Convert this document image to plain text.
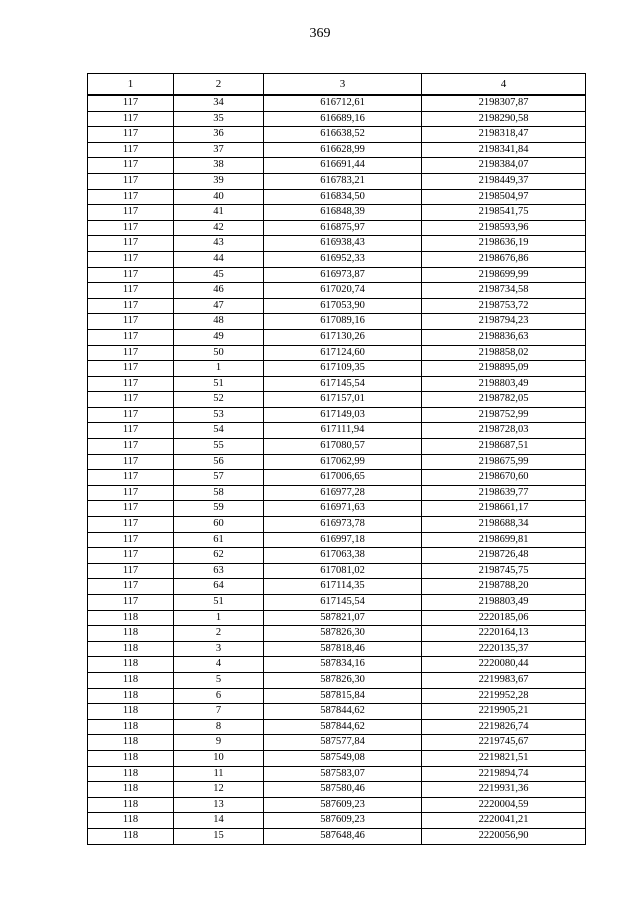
369
1	2	3	4
117	34	616712,61	2198307,87
117	35	616689,16	2198290,58
117	36	616638,52	2198318,47
117	37	616628,99	2198341,84
117	38	616691,44	2198384,07
117	39	616783,21	2198449,37
117	40	616834,50	2198504,97
117	41	616848,39	2198541,75
117	42	616875,97	2198593,96
117	43	616938,43	2198636,19
117	44	616952,33	2198676,86
117	45	616973,87	2198699,99
117	46	617020,74	2198734,58
117	47	617053,90	2198753,72
117	48	617089,16	2198794,23
117	49	617130,26	2198836,63
117	50	617124,60	2198858,02
117	1	617109,35	2198895,09
117	51	617145,54	2198803,49
117	52	617157,01	2198782,05
117	53	617149,03	2198752,99
117	54	617111,94	2198728,03
117	55	617080,57	2198687,51
117	56	617062,99	2198675,99
117	57	617006,65	2198670,60
117	58	616977,28	2198639,77
117	59	616971,63	2198661,17
117	60	616973,78	2198688,34
117	61	616997,18	2198699,81
117	62	617063,38	2198726,48
117	63	617081,02	2198745,75
117	64	617114,35	2198788,20
117	51	617145,54	2198803,49
118	1	587821,07	2220185,06
118	2	587826,30	2220164,13
118	3	587818,46	2220135,37
118	4	587834,16	2220080,44
118	5	587826,30	2219983,67
118	6	587815,84	2219952,28
118	7	587844,62	2219905,21
118	8	587844,62	2219826,74
118	9	587577,84	2219745,67
118	10	587549,08	2219821,51
118	11	587583,07	2219894,74
118	12	587580,46	2219931,36
118	13	587609,23	2220004,59
118	14	587609,23	2220041,21
118	15	587648,46	2220056,90
